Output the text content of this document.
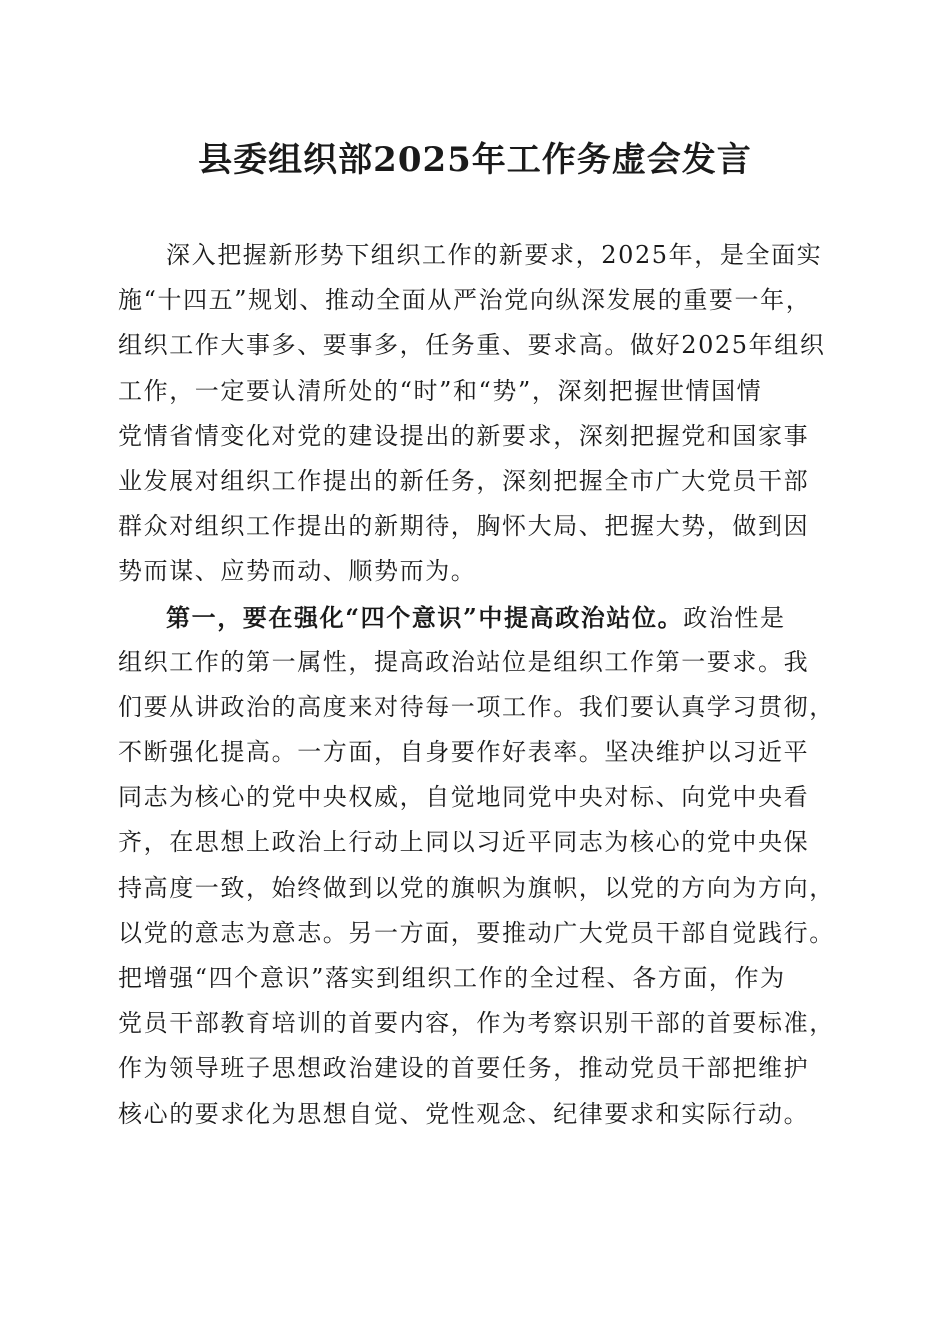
县委组织部2025年工作务虚会发言
深入把握新形势下组织工作的新要求，2025年，是全面实
施“十四五”规划、推动全面从严治党向纵深发展的重要一年，
组织工作大事多、要事多，任务重、要求高。做好2025年组织
工作，一定要认清所处的“时”和“势”，深刻把握世情国情
党情省情变化对党的建设提出的新要求，深刻把握党和国家事
业发展对组织工作提出的新任务，深刻把握全市广大党员干部
群众对组织工作提出的新期待，胸怀大局、把握大势，做到因
势而谋、应势而动、顺势而为。
第一，要在强化“四个意识”中提高政治站位。政治性是
组织工作的第一属性，提高政治站位是组织工作第一要求。我
们要从讲政治的高度来对待每一项工作。我们要认真学习贯彻，
不断强化提高。一方面，自身要作好表率。坚决维护以习近平
同志为核心的党中央权威，自觉地同党中央对标、向党中央看
齐，在思想上政治上行动上同以习近平同志为核心的党中央保
持高度一致，始终做到以党的旗帜为旗帜，以党的方向为方向，
以党的意志为意志。另一方面，要推动广大党员干部自觉践行。
把增强“四个意识”落实到组织工作的全过程、各方面，作为
党员干部教育培训的首要内容，作为考察识别干部的首要标准，
作为领导班子思想政治建设的首要任务，推动党员干部把维护
核心的要求化为思想自觉、党性观念、纪律要求和实际行动。
